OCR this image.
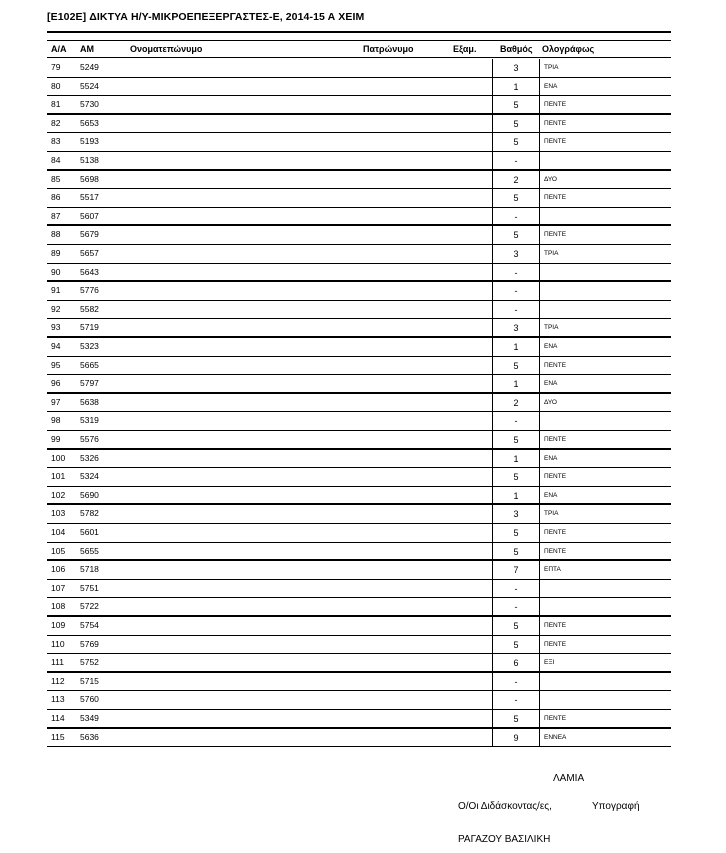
[E102E] ΔΙΚΤΥΑ Η/Υ-ΜΙΚΡΟΕΠΕΞΕΡΓΑΣΤΕΣ-Ε, 2014-15 Α ΧΕΙΜ
Α/Α ΑΜ	Ονοματεπώνυμο	Πατρώνυμο	Εξαμ.	Βαθμός Ολογράφως
79 5249	3	ΤΡΙΑ
80 5524	1	ΕΝΑ
81 5730	5	ΠΕΝΤΕ
82 5653	5	ΠΕΝΤΕ
83 5193	5	ΠΕΝΤΕ
84 5138	-
85 5698	2	ΔΥΟ
86 5517	5	ΠΕΝΤΕ
87 5607	-
88 5679	5	ΠΕΝΤΕ
89 5657	3	ΤΡΙΑ
90 5643	-
91 5776	-
92 5582	-
93 5719	3	ΤΡΙΑ
94 5323	1	ΕΝΑ
95 5665	5	ΠΕΝΤΕ
96 5797	1	ΕΝΑ
97 5638	2	ΔΥΟ
98 5319	-
99 5576	5	ΠΕΝΤΕ
100 5326	1	ΕΝΑ
101 5324	5	ΠΕΝΤΕ
102 5690	1	ΕΝΑ
103 5782	3	ΤΡΙΑ
104 5601	5	ΠΕΝΤΕ
105 5655	5	ΠΕΝΤΕ
106 5718	7	ΕΠΤΑ
107 5751	-
108 5722	-
109 5754	5	ΠΕΝΤΕ
110 5769	5	ΠΕΝΤΕ
111 5752	6	ΕΞΙ
112 5715	-
113 5760	-
114 5349	5	ΠΕΝΤΕ
115 5636	9	ΕΝΝΕΑ
ΛΑΜΙΑ
Ο/Οι Διδάσκοντας/ες,	Υπογραφή
ΡΑΓΑΖΟΥ ΒΑΣΙΛΙΚΗ
